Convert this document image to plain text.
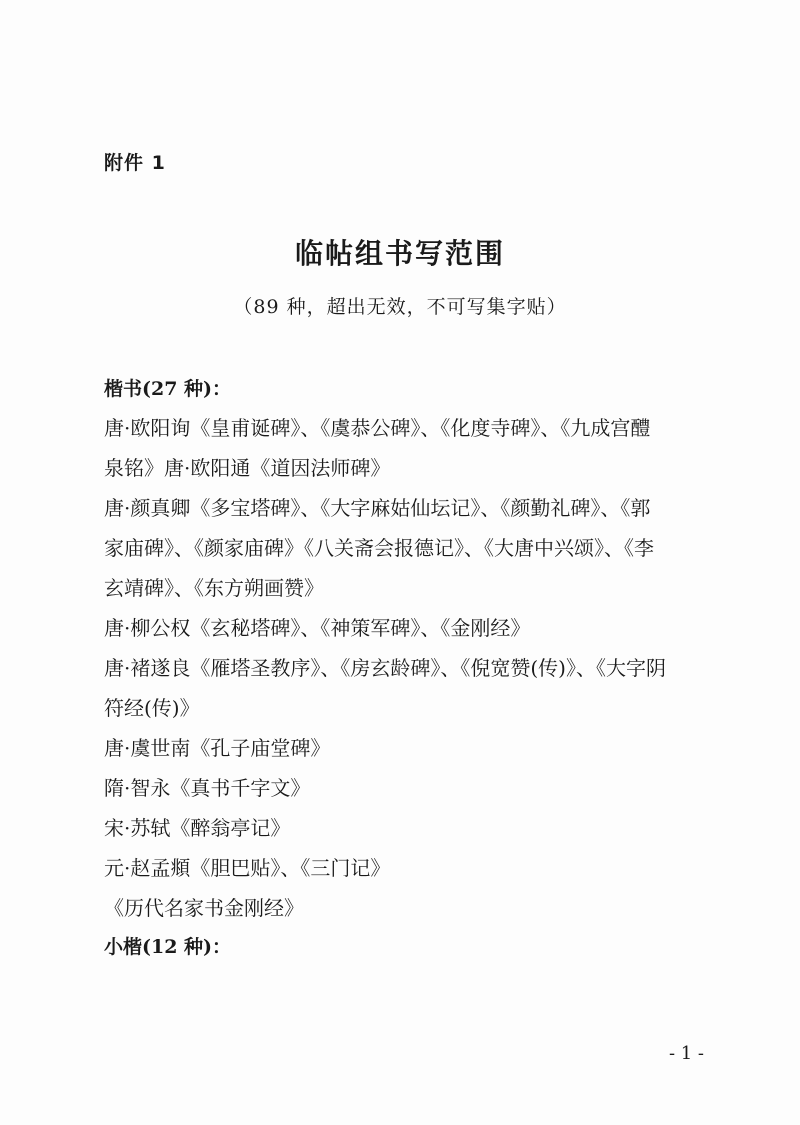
附件 1
临帖组书写范围
（89 种，超出无效，不可写集字贴）
楷书(27 种)：

唐·欧阳询《皇甫诞碑》、《虞恭公碑》、《化度寺碑》、《九成宫醴

泉铭》唐·欧阳通《道因法师碑》

唐·颜真卿《多宝塔碑》、《大字麻姑仙坛记》、《颜勤礼碑》、《郭

家庙碑》、《颜家庙碑》《八关斋会报德记》、《大唐中兴颂》、《李

玄靖碑》、《东方朔画赞》

唐·柳公权《玄秘塔碑》、《神策军碑》、《金刚经》

唐·褚遂良《雁塔圣教序》、《房玄龄碑》、《倪宽赞(传)》、《大字阴

符经(传)》

唐·虞世南《孔子庙堂碑》

隋·智永《真书千字文》

宋·苏轼《醉翁亭记》

元·赵孟頫《胆巴贴》、《三门记》

《历代名家书金刚经》

小楷(12 种)：
- 1 -
